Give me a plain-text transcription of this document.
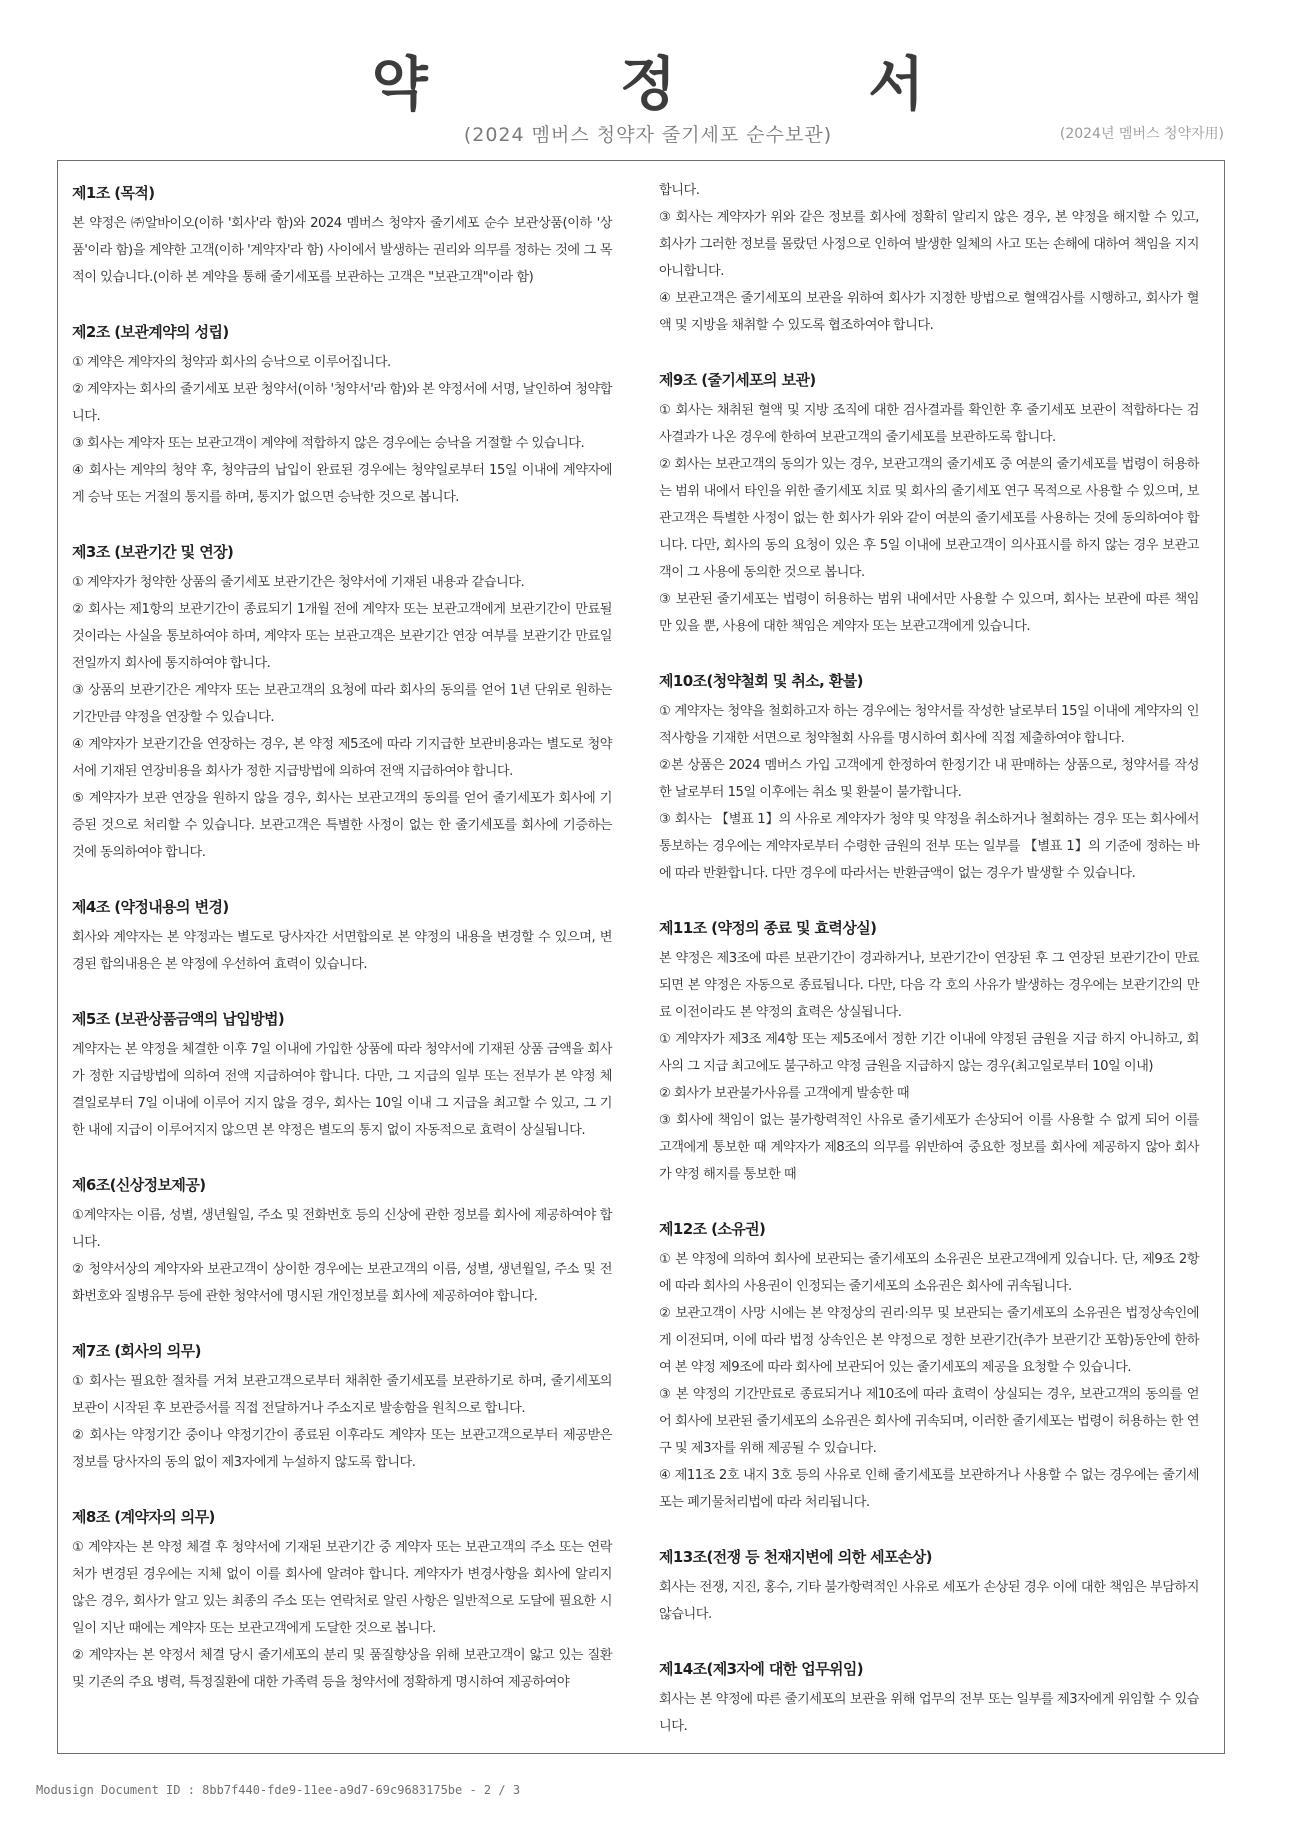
약 정 서
(2024 멤버스 청약자 줄기세포 순수보관)	(2024년 멤버스 청약자用)
제1조 (목적)

본 약정은 ㈜알바이오(이하 '회사'라 함)와 2024 멤버스 청약자 줄기세포 순수 보관상품(이하 '상품'이라 함)을 계약한 고객(이하 '계약자'라 함) 사이에서 발생하는 권리와 의무를 정하는 것에 그 목적이 있습니다.(이하 본 계약을 통해 줄기세포를 보관하는 고객은 "보관고객"이라 함)

제2조 (보관계약의 성립)

① 계약은 계약자의 청약과 회사의 승낙으로 이루어집니다.

② 계약자는 회사의 줄기세포 보관 청약서(이하 '청약서'라 함)와 본 약정서에 서명, 날인하여 청약합니다.

③ 회사는 계약자 또는 보관고객이 계약에 적합하지 않은 경우에는 승낙을 거절할 수 있습니다.

④ 회사는 계약의 청약 후, 청약금의 납입이 완료된 경우에는 청약일로부터 15일 이내에 계약자에게 승낙 또는 거절의 통지를 하며, 통지가 없으면 승낙한 것으로 봅니다.

제3조 (보관기간 및 연장)

① 계약자가 청약한 상품의 줄기세포 보관기간은 청약서에 기재된 내용과 같습니다.

② 회사는 제1항의 보관기간이 종료되기 1개월 전에 계약자 또는 보관고객에게 보관기간이 만료될 것이라는 사실을 통보하여야 하며, 계약자 또는 보관고객은 보관기간 연장 여부를 보관기간 만료일 전일까지 회사에 통지하여야 합니다.

③ 상품의 보관기간은 계약자 또는 보관고객의 요청에 따라 회사의 동의를 얻어 1년 단위로 원하는 기간만큼 약정을 연장할 수 있습니다.

④ 계약자가 보관기간을 연장하는 경우, 본 약정 제5조에 따라 기지급한 보관비용과는 별도로 청약서에 기재된 연장비용을 회사가 정한 지급방법에 의하여 전액 지급하여야 합니다.

⑤ 계약자가 보관 연장을 원하지 않을 경우, 회사는 보관고객의 동의를 얻어 줄기세포가 회사에 기증된 것으로 처리할 수 있습니다. 보관고객은 특별한 사정이 없는 한 줄기세포를 회사에 기증하는 것에 동의하여야 합니다.

제4조 (약정내용의 변경)

회사와 계약자는 본 약정과는 별도로 당사자간 서면합의로 본 약정의 내용을 변경할 수 있으며, 변경된 합의내용은 본 약정에 우선하여 효력이 있습니다.

제5조 (보관상품금액의 납입방법)

계약자는 본 약정을 체결한 이후 7일 이내에 가입한 상품에 따라 청약서에 기재된 상품 금액을 회사가 정한 지급방법에 의하여 전액 지급하여야 합니다. 다만, 그 지급의 일부 또는 전부가 본 약정 체결일로부터 7일 이내에 이루어 지지 않을 경우, 회사는 10일 이내 그 지급을 최고할 수 있고, 그 기한 내에 지급이 이루어지지 않으면 본 약정은 별도의 통지 없이 자동적으로 효력이 상실됩니다.

제6조(신상정보제공)

①계약자는 이름, 성별, 생년월일, 주소 및 전화번호 등의 신상에 관한 정보를 회사에 제공하여야 합니다.

② 청약서상의 계약자와 보관고객이 상이한 경우에는 보관고객의 이름, 성별, 생년월일, 주소 및 전화번호와 질병유무 등에 관한 청약서에 명시된 개인정보를 회사에 제공하여야 합니다.

제7조 (회사의 의무)

① 회사는 필요한 절차를 거쳐 보관고객으로부터 채취한 줄기세포를 보관하기로 하며, 줄기세포의 보관이 시작된 후 보관증서를 직접 전달하거나 주소지로 발송함을 원칙으로 합니다.

② 회사는 약정기간 중이나 약정기간이 종료된 이후라도 계약자 또는 보관고객으로부터 제공받은 정보를 당사자의 동의 없이 제3자에게 누설하지 않도록 합니다.

제8조 (계약자의 의무)

① 계약자는 본 약정 체결 후 청약서에 기재된 보관기간 중 계약자 또는 보관고객의 주소 또는 연락처가 변경된 경우에는 지체 없이 이를 회사에 알려야 합니다. 계약자가 변경사항을 회사에 알리지 않은 경우, 회사가 알고 있는 최종의 주소 또는 연락처로 알린 사항은 일반적으로 도달에 필요한 시일이 지난 때에는 계약자 또는 보관고객에게 도달한 것으로 봅니다.

② 계약자는 본 약정서 체결 당시 줄기세포의 분리 및 품질향상을 위해 보관고객이 앓고 있는 질환 및 기존의 주요 병력, 특정질환에 대한 가족력 등을 청약서에 정확하게 명시하여 제공하여야

합니다.

③ 회사는 계약자가 위와 같은 정보를 회사에 정확히 알리지 않은 경우, 본 약정을 해지할 수 있고, 회사가 그러한 정보를 몰랐던 사정으로 인하여 발생한 일체의 사고 또는 손해에 대하여 책임을 지지 아니합니다.

④ 보관고객은 줄기세포의 보관을 위하여 회사가 지정한 방법으로 혈액검사를 시행하고, 회사가 혈액 및 지방을 채취할 수 있도록 협조하여야 합니다.

제9조 (줄기세포의 보관)

① 회사는 채취된 혈액 및 지방 조직에 대한 검사결과를 확인한 후 줄기세포 보관이 적합하다는 검사결과가 나온 경우에 한하여 보관고객의 줄기세포를 보관하도록 합니다.

② 회사는 보관고객의 동의가 있는 경우, 보관고객의 줄기세포 중 여분의 줄기세포를 법령이 허용하는 범위 내에서 타인을 위한 줄기세포 치료 및 회사의 줄기세포 연구 목적으로 사용할 수 있으며, 보관고객은 특별한 사정이 없는 한 회사가 위와 같이 여분의 줄기세포를 사용하는 것에 동의하여야 합니다. 다만, 회사의 동의 요청이 있은 후 5일 이내에 보관고객이 의사표시를 하지 않는 경우 보관고객이 그 사용에 동의한 것으로 봅니다.

③ 보관된 줄기세포는 법령이 허용하는 범위 내에서만 사용할 수 있으며, 회사는 보관에 따른 책임만 있을 뿐, 사용에 대한 책임은 계약자 또는 보관고객에게 있습니다.

제10조(청약철회 및 취소, 환불)

① 계약자는 청약을 철회하고자 하는 경우에는 청약서를 작성한 날로부터 15일 이내에 계약자의 인적사항을 기재한 서면으로 청약철회 사유를 명시하여 회사에 직접 제출하여야 합니다.

②본 상품은 2024 멤버스 가입 고객에게 한정하여 한정기간 내 판매하는 상품으로, 청약서를 작성한 날로부터 15일 이후에는 취소 및 환불이 불가합니다.

③ 회사는 【별표 1】의 사유로 계약자가 청약 및 약정을 취소하거나 철회하는 경우 또는 회사에서 통보하는 경우에는 계약자로부터 수령한 금원의 전부 또는 일부를 【별표 1】의 기준에 정하는 바에 따라 반환합니다. 다만 경우에 따라서는 반환금액이 없는 경우가 발생할 수 있습니다.

제11조 (약정의 종료 및 효력상실)

본 약정은 제3조에 따른 보관기간이 경과하거나, 보관기간이 연장된 후 그 연장된 보관기간이 만료되면 본 약정은 자동으로 종료됩니다. 다만, 다음 각 호의 사유가 발생하는 경우에는 보관기간의 만료 이전이라도 본 약정의 효력은 상실됩니다.

① 계약자가 제3조 제4항 또는 제5조에서 정한 기간 이내에 약정된 금원을 지급 하지 아니하고, 회사의 그 지급 최고에도 불구하고 약정 금원을 지급하지 않는 경우(최고일로부터 10일 이내)

② 회사가 보관불가사유를 고객에게 발송한 때

③ 회사에 책임이 없는 불가항력적인 사유로 줄기세포가 손상되어 이를 사용할 수 없게 되어 이를 고객에게 통보한 때 계약자가 제8조의 의무를 위반하여 중요한 정보를 회사에 제공하지 않아 회사가 약정 해지를 통보한 때

제12조 (소유권)

① 본 약정에 의하여 회사에 보관되는 줄기세포의 소유권은 보관고객에게 있습니다. 단, 제9조 2항에 따라 회사의 사용권이 인정되는 줄기세포의 소유권은 회사에 귀속됩니다.

② 보관고객이 사망 시에는 본 약정상의 권리·의무 및 보관되는 줄기세포의 소유권은 법정상속인에게 이전되며, 이에 따라 법정 상속인은 본 약정으로 정한 보관기간(추가 보관기간 포함)동안에 한하여 본 약정 제9조에 따라 회사에 보관되어 있는 줄기세포의 제공을 요청할 수 있습니다.

③ 본 약정의 기간만료로 종료되거나 제10조에 따라 효력이 상실되는 경우, 보관고객의 동의를 얻어 회사에 보관된 줄기세포의 소유권은 회사에 귀속되며, 이러한 줄기세포는 법령이 허용하는 한 연구 및 제3자를 위해 제공될 수 있습니다.

④ 제11조 2호 내지 3호 등의 사유로 인해 줄기세포를 보관하거나 사용할 수 없는 경우에는 줄기세포는 폐기물처리법에 따라 처리됩니다.

제13조(전쟁 등 천재지변에 의한 세포손상)

회사는 전쟁, 지진, 홍수, 기타 불가항력적인 사유로 세포가 손상된 경우 이에 대한 책임은 부담하지 않습니다.

제14조(제3자에 대한 업무위임)

회사는 본 약정에 따른 줄기세포의 보관을 위해 업무의 전부 또는 일부를 제3자에게 위임할 수 있습니다.

Modusign Document ID : 8bb7f440-fde9-11ee-a9d7-69c9683175be - 2 / 3
